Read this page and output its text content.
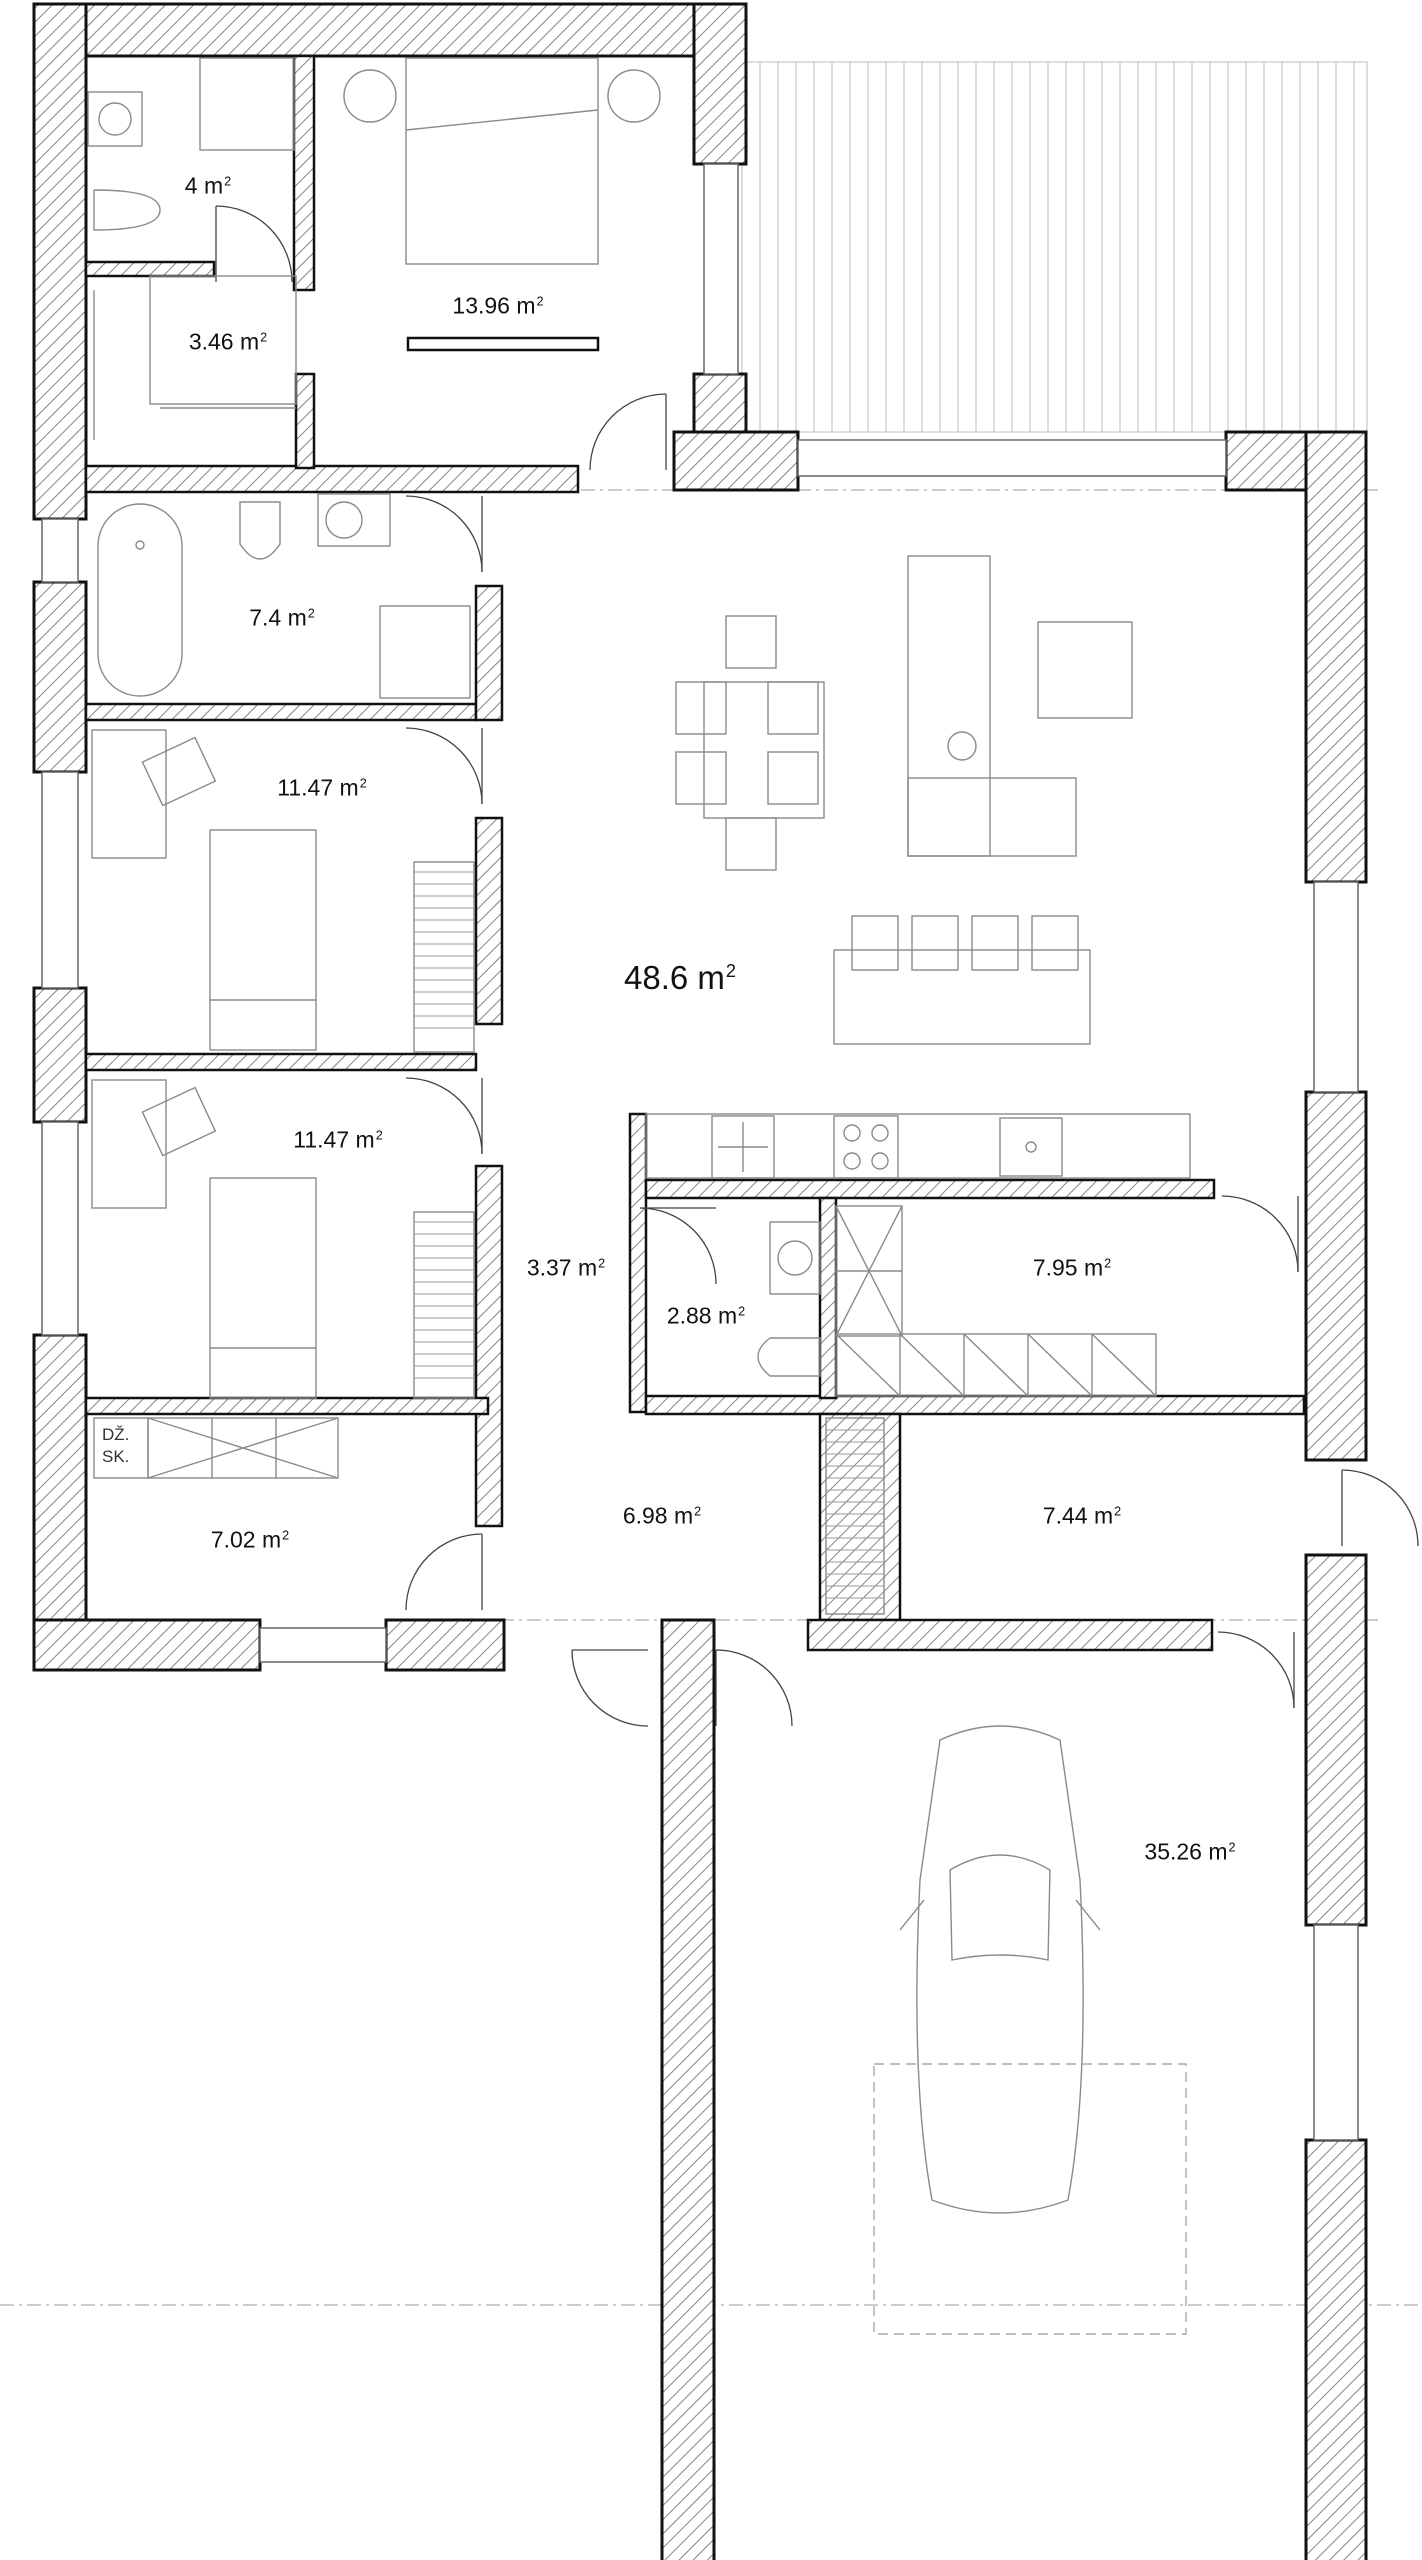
4 $m^2$
13.96 $m^2$
3.46 $m^2$
7.4 $m^2$
11.47 $m^2$
48.6 $m^2$
11.47 $m^2$
3.37 $m^2$
2.88 $m^2$
7.95 $m^2$
7.02 $m^2$
6.98 $m^2$	7.44 $m^2$
35.26 $m^2$
DŽ.
SK.
